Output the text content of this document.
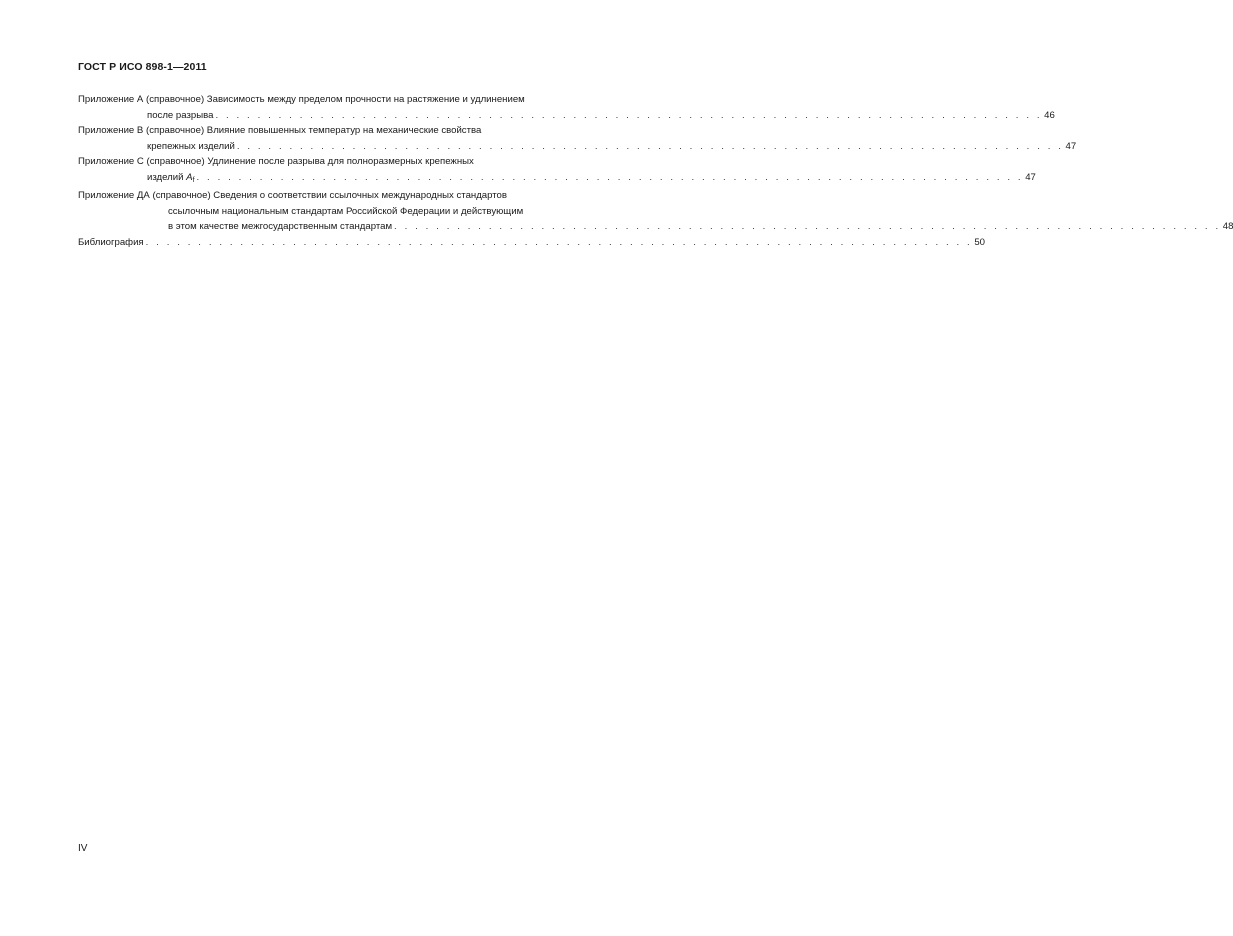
ГОСТ Р ИСО 898-1—2011
Приложение А (справочное) Зависимость между пределом прочности на растяжение и удлинением
после разрыва . . . . . . . . . . . . . . . . . . . . . . . . . . . . . . . . . . . . . . . . . . . . . . . . . . . . . . . . . . . . . . . . . . . . . . . . . . . . . . . 46
Приложение В (справочное) Влияние повышенных температур на механические свойства
крепежных изделий . . . . . . . . . . . . . . . . . . . . . . . . . . . . . . . . . . . . . . . . . . . . . . . . . . . . . . . . . . . . . . . . . . . . . . . . . . . . . . . 47
Приложение С (справочное) Удлинение после разрыва для полноразмерных крепежных
изделий $A_f$ . . . . . . . . . . . . . . . . . . . . . . . . . . . . . . . . . . . . . . . . . . . . . . . . . . . . . . . . . . . . . . . . . . . . . . . . . . . . . . . 47
Приложение ДА (справочное) Сведения о соответствии ссылочных международных стандартов
ссылочным национальным стандартам Российской Федерации и действующим
в этом качестве межгосударственным стандартам . . . . . . . . . . . . . . . . . . . . . . . . . . . . . . . . . . . . . . . . . . . . . . . . . . . . . . . . . . . . . . . . . . . . . . . . . . . . . . . 48
Библиография . . . . . . . . . . . . . . . . . . . . . . . . . . . . . . . . . . . . . . . . . . . . . . . . . . . . . . . . . . . . . . . . . . . . . . . . . . . . . . . 50
IV
